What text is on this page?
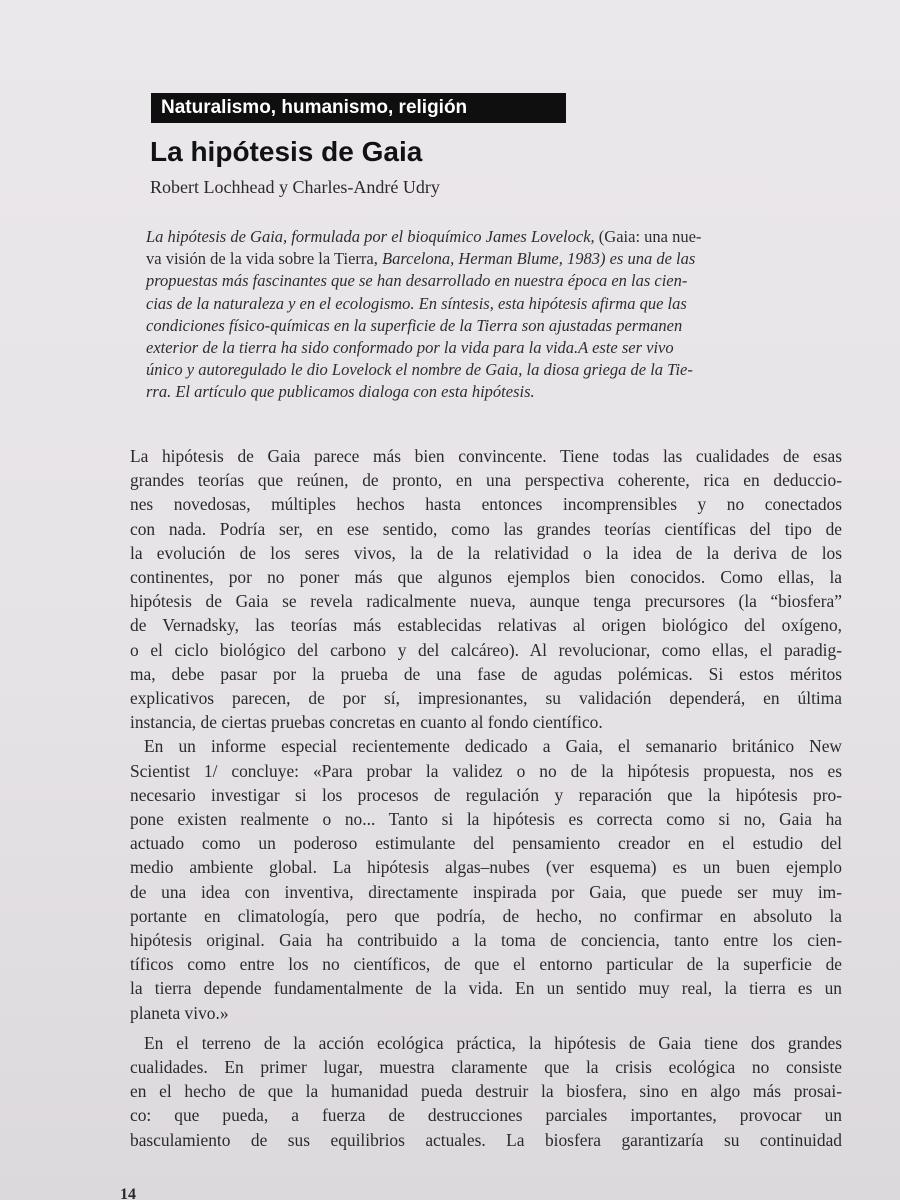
Naturalismo, humanismo, religión
La hipótesis de Gaia
Robert Lochhead y Charles-André Udry
La hipótesis de Gaia, formulada por el bioquímico James Lovelock, (Gaia: una nue-
va visión de la vida sobre la Tierra, Barcelona, Herman Blume, 1983) es una de las
propuestas más fascinantes que se han desarrollado en nuestra época en las cien-
cias de la naturaleza y en el ecologismo. En síntesis, esta hipótesis afirma que las
condiciones físico-químicas en la superficie de la Tierra son ajustadas permanen
exterior de la tierra ha sido conformado por la vida para la vida.A este ser vivo
único y autoregulado le dio Lovelock el nombre de Gaia, la diosa griega de la Tie-
rra. El artículo que publicamos dialoga con esta hipótesis.
La hipótesis de Gaia parece más bien convincente. Tiene todas las cualidades de esas
grandes teorías que reúnen, de pronto, en una perspectiva coherente, rica en deduccio-
nes novedosas, múltiples hechos hasta entonces incomprensibles y no conectados
con nada. Podría ser, en ese sentido, como las grandes teorías científicas del tipo de
la evolución de los seres vivos, la de la relatividad o la idea de la deriva de los
continentes, por no poner más que algunos ejemplos bien conocidos. Como ellas, la
hipótesis de Gaia se revela radicalmente nueva, aunque tenga precursores (la “biosfera”
de Vernadsky, las teorías más establecidas relativas al origen biológico del oxígeno,
o el ciclo biológico del carbono y del calcáreo). Al revolucionar, como ellas, el paradig-
ma, debe pasar por la prueba de una fase de agudas polémicas. Si estos méritos
explicativos parecen, de por sí, impresionantes, su validación dependerá, en última
instancia, de ciertas pruebas concretas en cuanto al fondo científico.
En un informe especial recientemente dedicado a Gaia, el semanario británico New
Scientist 1/ concluye: «Para probar la validez o no de la hipótesis propuesta, nos es
necesario investigar si los procesos de regulación y reparación que la hipótesis pro-
pone existen realmente o no... Tanto si la hipótesis es correcta como si no, Gaia ha
actuado como un poderoso estimulante del pensamiento creador en el estudio del
medio ambiente global. La hipótesis algas–nubes (ver esquema) es un buen ejemplo
de una idea con inventiva, directamente inspirada por Gaia, que puede ser muy im-
portante en climatología, pero que podría, de hecho, no confirmar en absoluto la
hipótesis original. Gaia ha contribuido a la toma de conciencia, tanto entre los cien-
tíficos como entre los no científicos, de que el entorno particular de la superficie de
la tierra depende fundamentalmente de la vida. En un sentido muy real, la tierra es un
planeta vivo.»
En el terreno de la acción ecológica práctica, la hipótesis de Gaia tiene dos grandes
cualidades. En primer lugar, muestra claramente que la crisis ecológica no consiste
en el hecho de que la humanidad pueda destruir la biosfera, sino en algo más prosai-
co: que pueda, a fuerza de destrucciones parciales importantes, provocar un
basculamiento de sus equilibrios actuales. La biosfera garantizaría su continuidad
14
